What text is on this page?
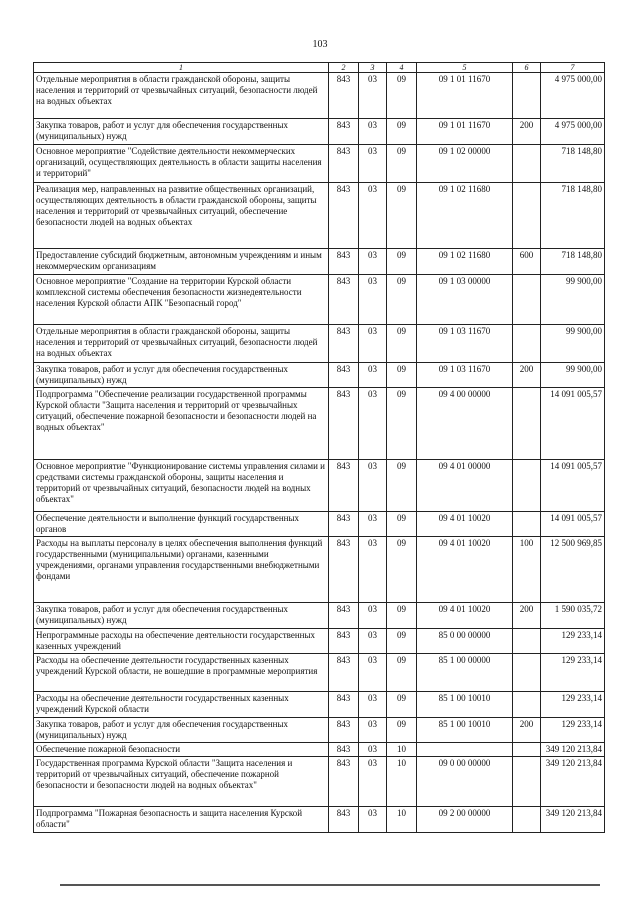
103
1	2	3	4	5	6	7
Отдельные мероприятия в области гражданской обороны, защиты населения и территорий от чрезвычайных ситуаций, безопасности людей на водных объектах	843	03	09	09 1 01 11670		4 975 000,00
Закупка товаров, работ и услуг для обеспечения государственных (муниципальных) нужд	843	03	09	09 1 01 11670	200	4 975 000,00
Основное мероприятие "Содействие деятельности некоммерческих организаций, осуществляющих деятельность в области защиты населения и территорий"	843	03	09	09 1 02 00000		718 148,80
Реализация мер, направленных на развитие общественных организаций, осуществляющих деятельность в области гражданской обороны, защиты населения и территорий от чрезвычайных ситуаций, обеспечение безопасности людей на водных объектах	843	03	09	09 1 02 11680		718 148,80
Предоставление субсидий бюджетным, автономным учреждениям и иным некоммерческим организациям	843	03	09	09 1 02 11680	600	718 148,80
Основное мероприятие "Создание на территории Курской области комплексной системы обеспечения безопасности жизнедеятельности населения Курской области АПК "Безопасный город"	843	03	09	09 1 03 00000		99 900,00
Отдельные мероприятия в области гражданской обороны, защиты населения и территорий от чрезвычайных ситуаций, безопасности людей на водных объектах	843	03	09	09 1 03 11670		99 900,00
Закупка товаров, работ и услуг для обеспечения государственных (муниципальных) нужд	843	03	09	09 1 03 11670	200	99 900,00
Подпрограмма "Обеспечение реализации государственной программы Курской области "Защита населения и территорий от чрезвычайных ситуаций, обеспечение пожарной безопасности и безопасности людей на водных объектах"	843	03	09	09 4 00 00000		14 091 005,57
Основное мероприятие "Функционирование системы управления силами и средствами системы гражданской обороны, защиты населения и территорий от чрезвычайных ситуаций, безопасности людей на водных объектах"	843	03	09	09 4 01 00000		14 091 005,57
Обеспечение деятельности и выполнение функций государственных органов	843	03	09	09 4 01 10020		14 091 005,57
Расходы на выплаты персоналу в целях обеспечения выполнения функций государственными (муниципальными) органами, казенными учреждениями, органами управления государственными внебюджетными фондами	843	03	09	09 4 01 10020	100	12 500 969,85
Закупка товаров, работ и услуг для обеспечения государственных (муниципальных) нужд	843	03	09	09 4 01 10020	200	1 590 035,72
Непрограммные расходы на обеспечение деятельности государственных казенных учреждений	843	03	09	85 0 00 00000		129 233,14
Расходы на обеспечение деятельности государственных казенных учреждений Курской области, не вошедшие в программные мероприятия	843	03	09	85 1 00 00000		129 233,14
Расходы на обеспечение деятельности государственных казенных учреждений Курской области	843	03	09	85 1 00 10010		129 233,14
Закупка товаров, работ и услуг для обеспечения государственных (муниципальных) нужд	843	03	09	85 1 00 10010	200	129 233,14
Обеспечение пожарной безопасности	843	03	10			349 120 213,84
Государственная программа Курской области "Защита населения и территорий от чрезвычайных ситуаций, обеспечение пожарной безопасности и безопасности людей на водных объектах"	843	03	10	09 0 00 00000		349 120 213,84
Подпрограмма "Пожарная безопасность и защита населения Курской области"	843	03	10	09 2 00 00000		349 120 213,84
